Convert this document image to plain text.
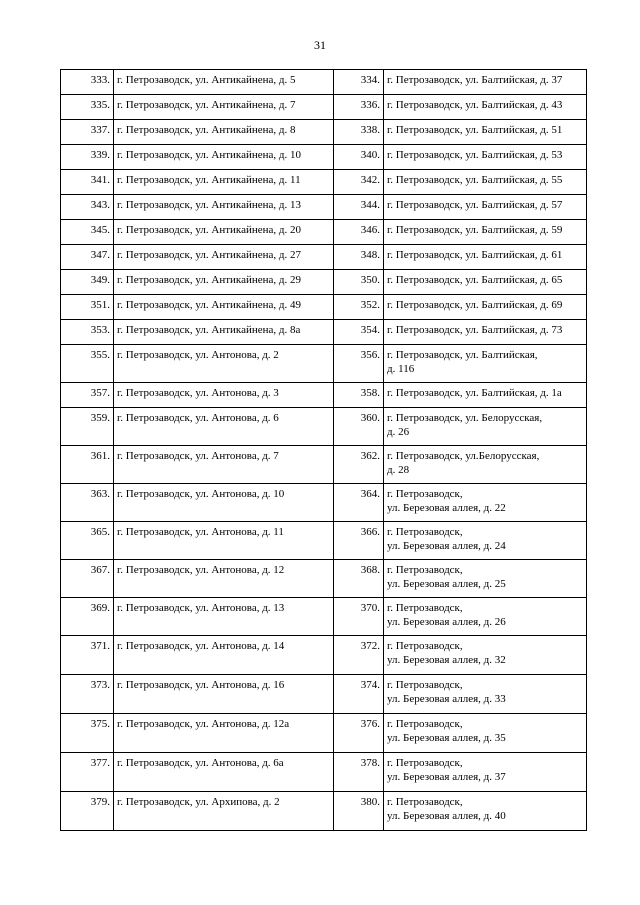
31
333.	г. Петрозаводск, ул. Антикайнена, д. 5	334.	г. Петрозаводск, ул. Балтийская, д. 37

335.	г. Петрозаводск, ул. Антикайнена, д. 7	336.	г. Петрозаводск, ул. Балтийская, д. 43

337.	г. Петрозаводск, ул. Антикайнена, д. 8	338.	г. Петрозаводск, ул. Балтийская, д. 51

339.	г. Петрозаводск, ул. Антикайнена, д. 10	340.	г. Петрозаводск, ул. Балтийская, д. 53

341.	г. Петрозаводск, ул. Антикайнена, д. 11	342.	г. Петрозаводск, ул. Балтийская, д. 55

343.	г. Петрозаводск, ул. Антикайнена, д. 13	344.	г. Петрозаводск, ул. Балтийская, д. 57

345.	г. Петрозаводск, ул. Антикайнена, д. 20	346.	г. Петрозаводск, ул. Балтийская, д. 59

347.	г. Петрозаводск, ул. Антикайнена, д. 27	348.	г. Петрозаводск, ул. Балтийская, д. 61

349.	г. Петрозаводск, ул. Антикайнена, д. 29	350.	г. Петрозаводск, ул. Балтийская, д. 65

351.	г. Петрозаводск, ул. Антикайнена, д. 49	352.	г. Петрозаводск, ул. Балтийская, д. 69

353.	г. Петрозаводск, ул. Антикайнена, д. 8а	354.	г. Петрозаводск, ул. Балтийская, д. 73

355.	г. Петрозаводск, ул. Антонова, д. 2	356.	г. Петрозаводск, ул. Балтийская,
д. 116

357.	г. Петрозаводск, ул. Антонова, д. 3	358.	г. Петрозаводск, ул. Балтийская, д. 1а

359.	г. Петрозаводск, ул. Антонова, д. 6	360.	г. Петрозаводск, ул. Белорусская,
д. 26

361.	г. Петрозаводск, ул. Антонова, д. 7	362.	г. Петрозаводск, ул.Белорусская,
д. 28

363.	г. Петрозаводск, ул. Антонова, д. 10	364.	г. Петрозаводск,
ул. Березовая аллея, д. 22

365.	г. Петрозаводск, ул. Антонова, д. 11	366.	г. Петрозаводск,
ул. Березовая аллея, д. 24

367.	г. Петрозаводск, ул. Антонова, д. 12	368.	г. Петрозаводск,
ул. Березовая аллея, д. 25

369.	г. Петрозаводск, ул. Антонова, д. 13	370.	г. Петрозаводск,
ул. Березовая аллея, д. 26

371.	г. Петрозаводск, ул. Антонова, д. 14	372.	г. Петрозаводск,
ул. Березовая аллея, д. 32

373.	г. Петрозаводск, ул. Антонова, д. 16	374.	г. Петрозаводск,
ул. Березовая аллея, д. 33

375.	г. Петрозаводск, ул. Антонова, д. 12а	376.	г. Петрозаводск,
ул. Березовая аллея, д. 35

377.	г. Петрозаводск, ул. Антонова, д. 6а	378.	г. Петрозаводск,
ул. Березовая аллея, д. 37

379.	г. Петрозаводск, ул. Архипова, д. 2	380.	г. Петрозаводск,
ул. Березовая аллея, д. 40
